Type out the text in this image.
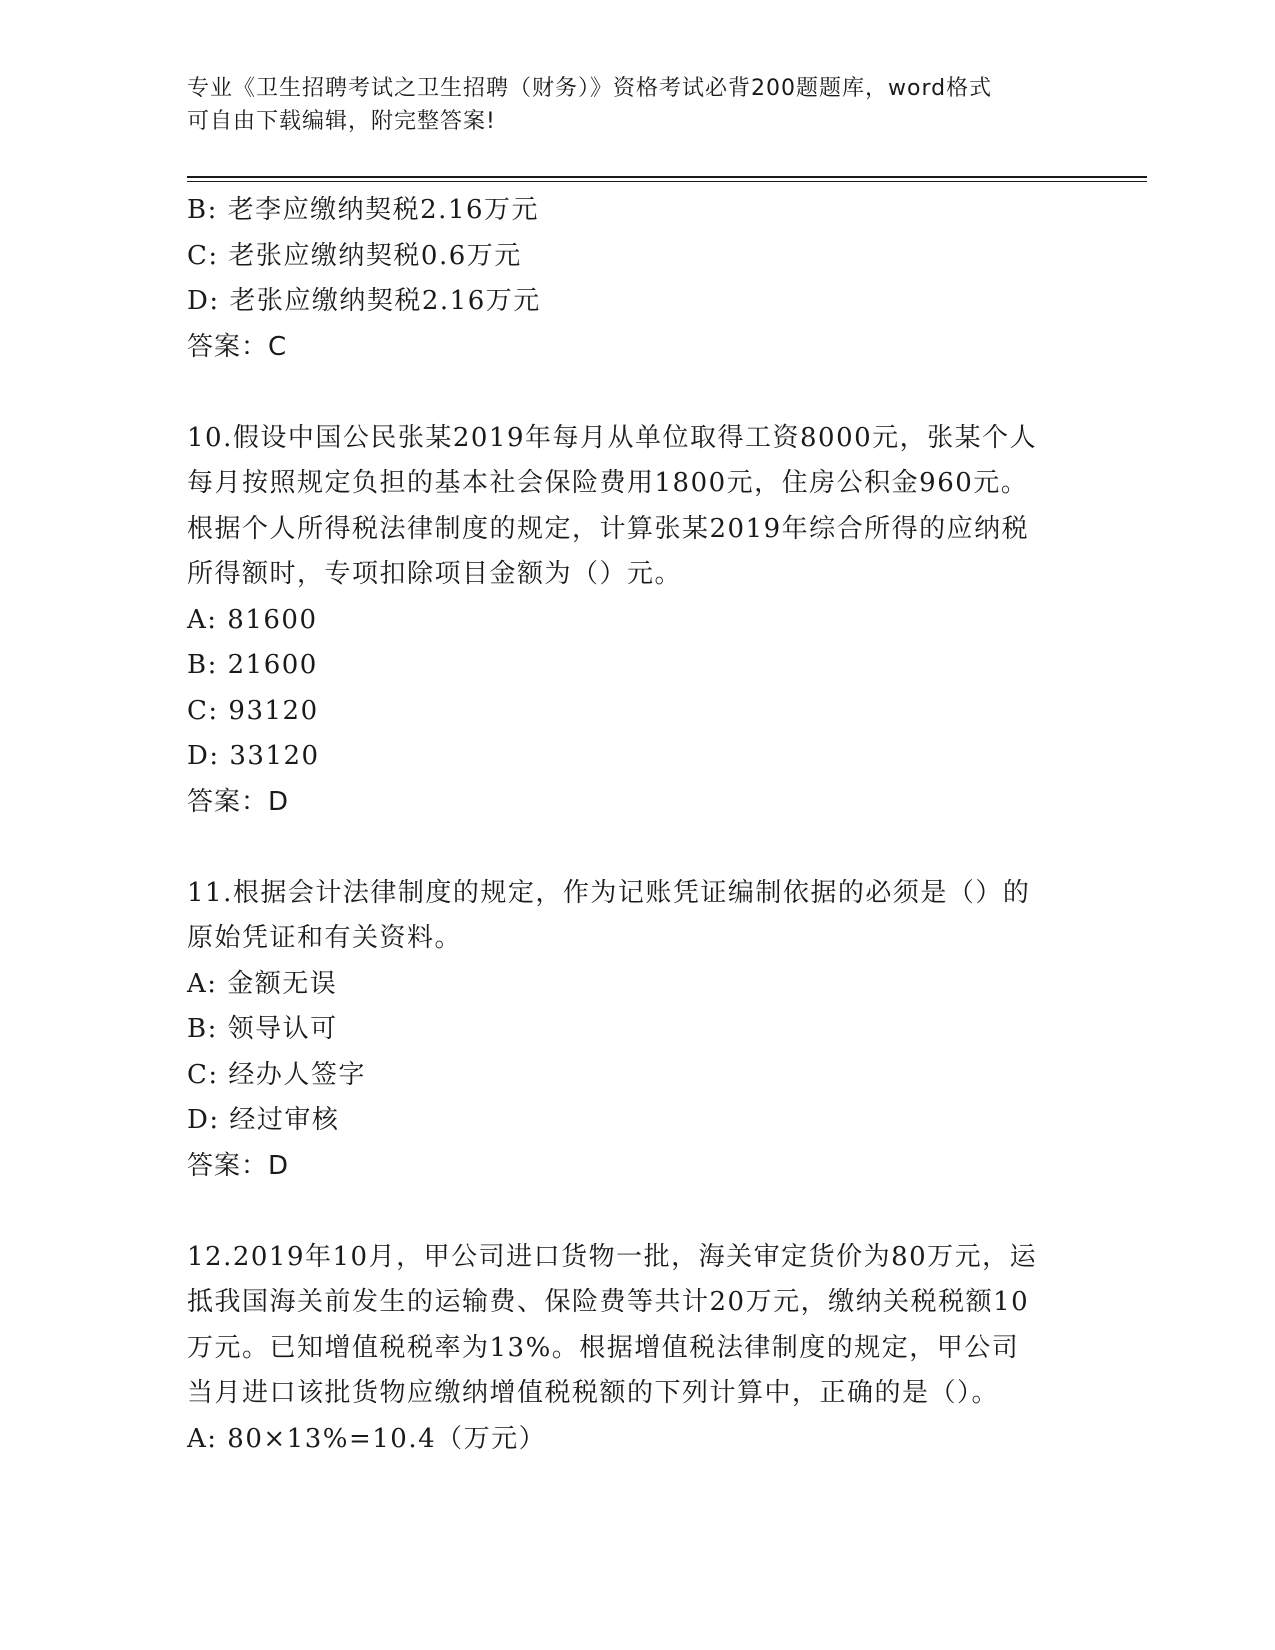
专业《卫生招聘考试之卫生招聘（财务）》资格考试必背200题题库，word格式
可自由下载编辑，附完整答案!
B: 老李应缴纳契税2.16万元
C: 老张应缴纳契税0.6万元
D: 老张应缴纳契税2.16万元
答案：C
10.假设中国公民张某2019年每月从单位取得工资8000元，张某个人
每月按照规定负担的基本社会保险费用1800元，住房公积金960元。
根据个人所得税法律制度的规定，计算张某2019年综合所得的应纳税
所得额时，专项扣除项目金额为（）元。
A: 81600
B: 21600
C: 93120
D: 33120
答案：D
11.根据会计法律制度的规定，作为记账凭证编制依据的必须是（）的
原始凭证和有关资料。
A: 金额无误
B: 领导认可
C: 经办人签字
D: 经过审核
答案：D
12.2019年10月，甲公司进口货物一批，海关审定货价为80万元，运
抵我国海关前发生的运输费、保险费等共计20万元，缴纳关税税额10
万元。已知增值税税率为13%。根据增值税法律制度的规定，甲公司
当月进口该批货物应缴纳增值税税额的下列计算中，正确的是（）。
A: 80×13%=10.4（万元）
